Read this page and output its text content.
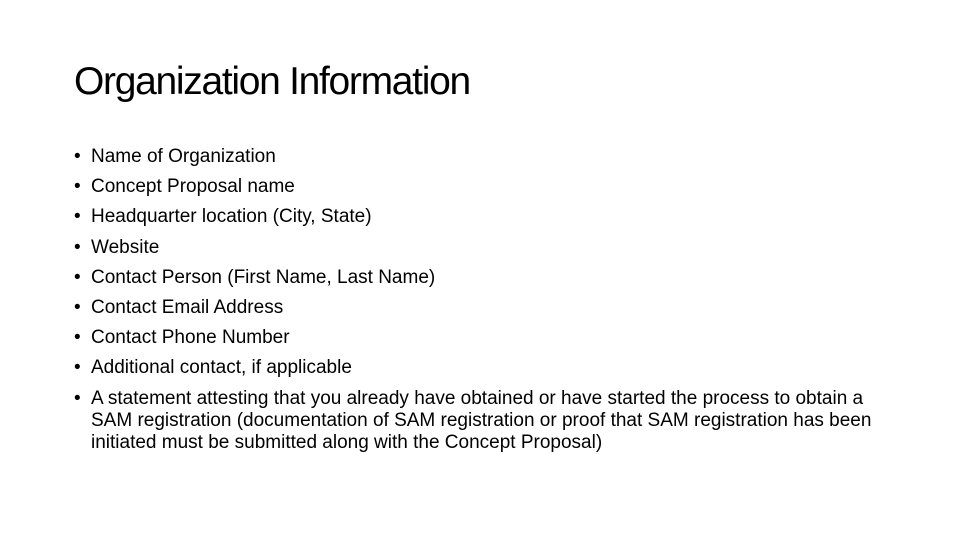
Organization Information
• Name of Organization
• Concept Proposal name
• Headquarter location (City, State)
• Website
• Contact Person (First Name, Last Name)
• Contact Email Address
• Contact Phone Number
• Additional contact, if applicable
• A statement attesting that you already have obtained or have started the process to obtain a SAM registration (documentation of SAM registration or proof that SAM registration has been initiated must be submitted along with the Concept Proposal)
